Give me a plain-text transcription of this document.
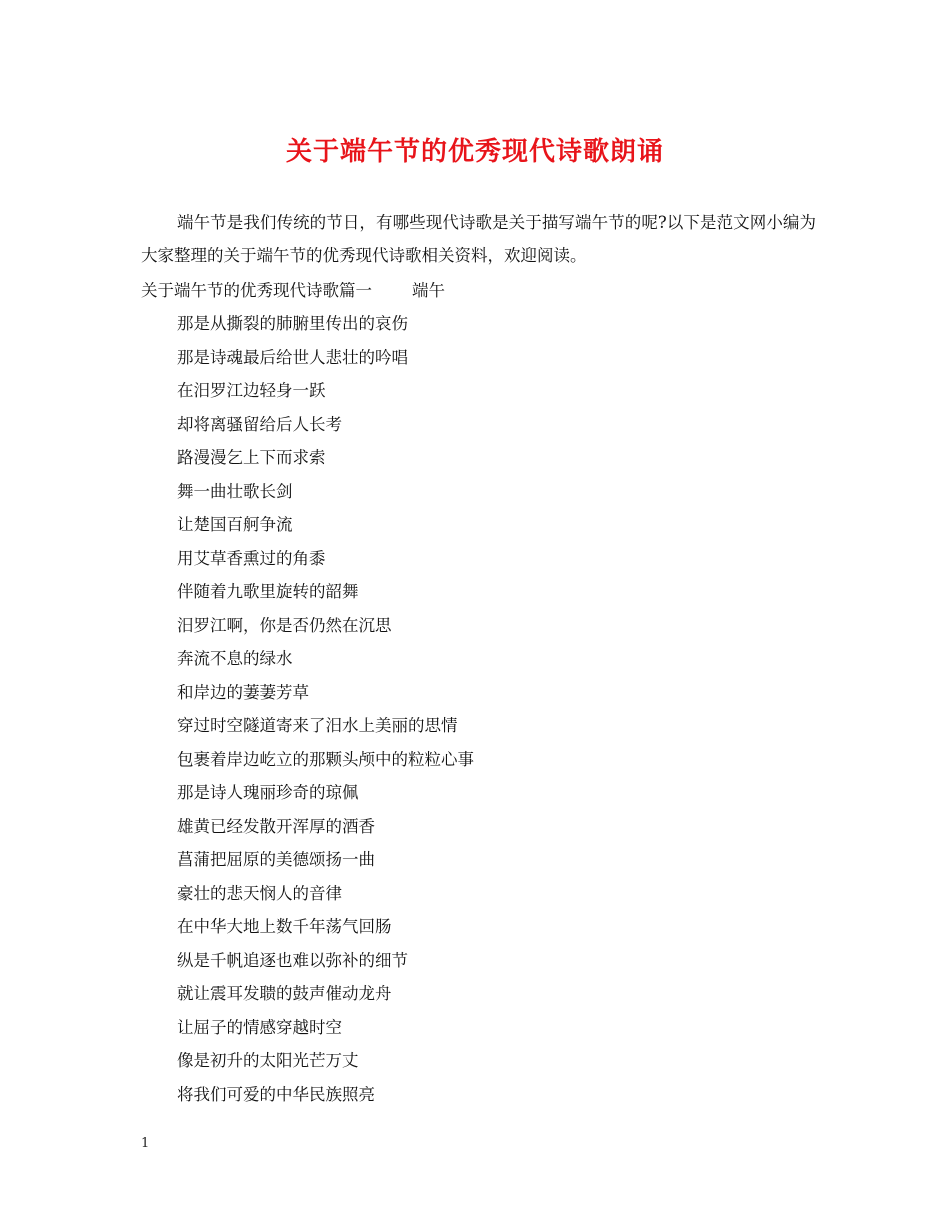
关于端午节的优秀现代诗歌朗诵
端午节是我们传统的节日，有哪些现代诗歌是关于描写端午节的呢?以下是范文网小编为大家整理的关于端午节的优秀现代诗歌相关资料，欢迎阅读。
关于端午节的优秀现代诗歌篇一 端午
那是从撕裂的肺腑里传出的哀伤
那是诗魂最后给世人悲壮的吟唱
在汨罗江边轻身一跃
却将离骚留给后人长考
路漫漫乞上下而求索
舞一曲壮歌长剑
让楚国百舸争流
用艾草香熏过的角黍
伴随着九歌里旋转的韶舞
汨罗江啊，你是否仍然在沉思
奔流不息的绿水
和岸边的萋萋芳草
穿过时空隧道寄来了汨水上美丽的思情
包裹着岸边屹立的那颗头颅中的粒粒心事
那是诗人瑰丽珍奇的琼佩
雄黄已经发散开浑厚的酒香
菖蒲把屈原的美德颂扬一曲
豪壮的悲天悯人的音律
在中华大地上数千年荡气回肠
纵是千帆追逐也难以弥补的细节
就让震耳发聩的鼓声催动龙舟
让屈子的情感穿越时空
像是初升的太阳光芒万丈
将我们可爱的中华民族照亮
1
